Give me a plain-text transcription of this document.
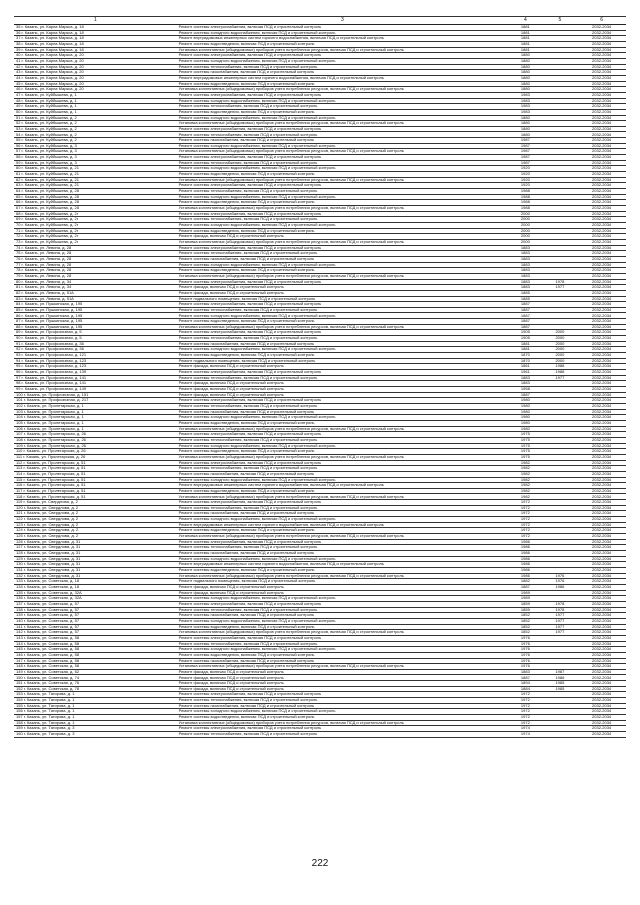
1		3	4	5	6
35 г. Казань, ул. Карла Маркса, д. 18		Ремонт системы электроснабжения, включая ПСД и строительный контроль	1881		2032-2034
36 г. Казань, ул. Карла Маркса, д. 18		Ремонт системы холодного водоснабжения, включая ПСД и строительный контроль	1881		2032-2034
37 г. Казань, ул. Карла Маркса, д. 18		Ремонт внутридомовых инженерных систем горячего водоснабжения, включая ПСД и строительный контроль	1881		2032-2034
38 г. Казань, ул. Карла Маркса, д. 18		Ремонт системы водоотведения, включая ПСД и строительный контроль	1881		2032-2034
39 г. Казань, ул. Карла Маркса, д. 18		Установка коллективных (общедомовых) приборов учета потребления ресурсов, включая ПСД и строительный контроль	1881		2032-2034
40 г. Казань, ул. Карла Маркса, д. 20		Ремонт системы электроснабжения, включая ПСД и строительный контроль	1880		2032-2034
41 г. Казань, ул. Карла Маркса, д. 20		Ремонт системы холодного водоснабжения, включая ПСД и строительный контроль	1880		2032-2034
42 г. Казань, ул. Карла Маркса, д. 20		Ремонт системы теплоснабжения, включая ПСД и строительный контроль	1880		2032-2034
43 г. Казань, ул. Карла Маркса, д. 20		Ремонт системы газоснабжения, включая ПСД и строительный контроль	1880		2032-2034
44 г. Казань, ул. Карла Маркса, д. 20		Ремонт внутридомовых инженерных систем горячего водоснабжения, включая ПСД и строительный контроль	1880		2032-2034
45 г. Казань, ул. Карла Маркса, д. 20		Ремонт системы водоотведения, включая ПСД и строительный контроль	1880		2032-2034
46 г. Казань, ул. Карла Маркса, д. 20		Установка коллективных (общедомовых) приборов учета потребления ресурсов, включая ПСД и строительный контроль	1880		2032-2034
47 г. Казань, ул. Куйбышева, д. 1		Ремонт системы электроснабжения, включая ПСД и строительный контроль	1983		2032-2034
48 г. Казань, ул. Куйбышева, д. 1		Ремонт системы холодного водоснабжения, включая ПСД и строительный контроль	1983		2032-2034
49 г. Казань, ул. Куйбышева, д. 1		Ремонт системы теплоснабжения, включая ПСД и строительный контроль	1983		2032-2034
50 г. Казань, ул. Куйбышева, д. 1		Ремонт системы водоотведения, включая ПСД и строительный контроль	1983		2032-2034
51 г. Казань, ул. Куйбышева, д. 2		Ремонт системы холодного водоснабжения, включая ПСД и строительный контроль	1880		2032-2034
52 г. Казань, ул. Куйбышева, д. 2		Установка коллективных (общедомовых) приборов учета потребления ресурсов, включая ПСД и строительный контроль	1880		2032-2034
53 г. Казань, ул. Куйбышева, д. 2		Ремонт системы электроснабжения, включая ПСД и строительный контроль	1880		2032-2034
54 г. Казань, ул. Куйбышева, д. 2		Ремонт системы теплоснабжения, включая ПСД и строительный контроль	1880		2032-2034
55 г. Казань, ул. Куйбышева, д. 2		Ремонт системы газоснабжения, включая ПСД и строительный контроль	1987		2032-2034
56 г. Казань, ул. Куйбышева, д. 3		Ремонт системы холодного водоснабжения, включая ПСД и строительный контроль	1987		2032-2034
57 г. Казань, ул. Куйбышева, д. 3		Установка коллективных (общедомовых) приборов учета потребления ресурсов, включая ПСД и строительный контроль	1987		2032-2034
58 г. Казань, ул. Куйбышева, д. 3		Ремонт системы электроснабжения, включая ПСД и строительный контроль	1987		2032-2034
59 г. Казань, ул. Куйбышева, д. 3		Ремонт системы теплоснабжения, включая ПСД и строительный контроль	1987		2032-2034
60 г. Казань, ул. Куйбышева, д. 21		Ремонт системы холодного водоснабжения, включая ПСД и строительный контроль	1920		2032-2034
61 г. Казань, ул. Куйбышева, д. 21		Ремонт системы водоотведения, включая ПСД и строительный контроль	1920		2032-2034
62 г. Казань, ул. Куйбышева, д. 21		Установка коллективных (общедомовых) приборов учета потребления ресурсов, включая ПСД и строительный контроль	1920		2032-2034
63 г. Казань, ул. Куйбышева, д. 21		Ремонт системы электроснабжения, включая ПСД и строительный контроль	1920		2032-2034
64 г. Казань, ул. Куйбышева, д. 28		Ремонт системы теплоснабжения, включая ПСД и строительный контроль	1988		2032-2034
65 г. Казань, ул. Куйбышева, д. 28		Ремонт системы холодного водоснабжения, включая ПСД и строительный контроль	1988		2032-2034
66 г. Казань, ул. Куйбышева, д. 28		Ремонт системы водоотведения, включая ПСД и строительный контроль	1988		2032-2034
67 г. Казань, ул. Куйбышева, д. 28		Установка коллективных (общедомовых) приборов учета потребления ресурсов, включая ПСД и строительный контроль	1988		2032-2034
68 г. Казань, ул. Куйбышева, д. 2г		Ремонт системы электроснабжения, включая ПСД и строительный контроль	2000		2032-2034
69 г. Казань, ул. Куйбышева, д. 2г		Ремонт системы теплоснабжения, включая ПСД и строительный контроль	2000		2032-2034
70 г. Казань, ул. Куйбышева, д. 2г		Ремонт системы холодного водоснабжения, включая ПСД и строительный контроль	2000		2032-2034
71 г. Казань, ул. Куйбышева, д. 2г		Ремонт системы водоотведения, включая ПСД и строительный контроль	2000		2032-2034
72 г. Казань, ул. Куйбышева, д. 2г		Ремонт фасада, включая ПСД и строительный контроль	2000		2032-2034
73 г. Казань, ул. Куйбышева, д. 2г		Установка коллективных (общедомовых) приборов учета потребления ресурсов, включая ПСД и строительный контроль	2000		2032-2034
74 г. Казань, ул. Левина, д. 28		Ремонт системы электроснабжения, включая ПСД и строительный контроль	1883		2032-2034
75 г. Казань, ул. Левина, д. 28		Ремонт системы теплоснабжения, включая ПСД и строительный контроль	1883		2032-2034
76 г. Казань, ул. Левина, д. 28		Ремонт системы газоснабжения, включая ПСД и строительный контроль	1883		2032-2034
77 г. Казань, ул. Левина, д. 28		Ремонт системы холодного водоснабжения, включая ПСД и строительный контроль	1883		2032-2034
78 г. Казань, ул. Левина, д. 28		Ремонт системы водоотведения, включая ПСД и строительный контроль	1883		2032-2034
79 г. Казань, ул. Левина, д. 28		Установка коллективных (общедомовых) приборов учета потребления ресурсов, включая ПСД и строительный контроль	1883		2032-2034
80 г. Казань, ул. Левина, д. 34		Ремонт системы электроснабжения, включая ПСД и строительный контроль	1883	1978	2032-2034
81 г. Казань, ул. Левина, д. 34		Ремонт фасада, включая ПСД и строительный контроль	1883	1977	2032-2034
82 г. Казань, ул. Левина, д. 51А		Ремонт фасада, включая ПСД и строительный контроль	1885		2032-2034
83 г. Казань, ул. Левина, д. 51А		Ремонт подвального помещения, включая ПСД и строительный контроль	1885		2032-2034
84 г. Казань, ул. Пушкинская, д. 195		Ремонт системы электроснабжения, включая ПСД и строительный контроль	1887		2032-2034
85 г. Казань, ул. Пушкинская, д. 195		Ремонт системы теплоснабжения, включая ПСД и строительный контроль	1887		2032-2034
86 г. Казань, ул. Пушкинская, д. 195		Ремонт системы холодного водоснабжения, включая ПСД и строительный контроль	1887		2032-2034
87 г. Казань, ул. Пушкинская, д. 195		Ремонт системы водоотведения, включая ПСД и строительный контроль	1887		2032-2034
88 г. Казань, ул. Пушкинская, д. 195		Установка коллективных (общедомовых) приборов учета потребления ресурсов, включая ПСД и строительный контроль	1887		2032-2034
89 г. Казань, ул. Профсоюзная, д. 5		Ремонт системы электроснабжения, включая ПСД и строительный контроль	1905	2000	2032-2034
90 г. Казань, ул. Профсоюзная, д. 5		Ремонт системы теплоснабжения, включая ПСД и строительный контроль	1905	2000	2032-2034
91 г. Казань, ул. Профсоюзная, д. 36		Ремонт системы газоснабжения, включая ПСД и строительный контроль	1881	2000	2032-2034
92 г. Казань, ул. Профсоюзная, д. 36		Ремонт системы холодного водоснабжения, включая ПСД и строительный контроль	1881	2000	2032-2034
93 г. Казань, ул. Профсоюзная, д. 121		Ремонт системы водоотведения, включая ПСД и строительный контроль	1870	2000	2032-2034
94 г. Казань, ул. Профсоюзная, д. 123		Ремонт подвального помещения, включая ПСД и строительный контроль	1870	2000	2032-2034
95 г. Казань, ул. Профсоюзная, д. 123		Ремонт фасада, включая ПСД и строительный контроль	1861	1988	2032-2034
96 г. Казань, ул. Профсоюзная, д. 139		Ремонт системы электроснабжения, включая ПСД и строительный контроль	1961	1988	2032-2034
97 г. Казань, ул. Профсоюзная, д. 141		Ремонт системы теплоснабжения, включая ПСД и строительный контроль	1883	1977	2032-2034
98 г. Казань, ул. Профсоюзная, д. 141		Ремонт фасада, включая ПСД и строительный контроль	1883		2032-2034
99 г. Казань, ул. Профсоюзная, д. 149		Ремонт фасада, включая ПСД и строительный контроль	1958		2032-2034
100 г. Казань, ул. Профсоюзная, д. 151		Ремонт фасада, включая ПСД и строительный контроль	1887		2032-2034
101 г. Казань, ул. Профсоюзная, д. 217		Ремонт системы электроснабжения, включая ПСД и строительный контроль	1980		2032-2034
102 г. Казань, ул. Пролетарская, д. 1		Ремонт системы теплоснабжения, включая ПСД и строительный контроль	1980		2032-2034
103 г. Казань, ул. Пролетарская, д. 1		Ремонт системы газоснабжения, включая ПСД и строительный контроль	1980		2032-2034
104 г. Казань, ул. Пролетарская, д. 1		Ремонт системы холодного водоснабжения, включая ПСД и строительный контроль	1980		2032-2034
105 г. Казань, ул. Пролетарская, д. 1		Ремонт системы водоотведения, включая ПСД и строительный контроль	1980		2032-2034
106 г. Казань, ул. Пролетарская, д. 1		Установка коллективных (общедомовых) приборов учета потребления ресурсов, включая ПСД и строительный контроль	1980		2032-2034
107 г. Казань, ул. Пролетарская, д. 26		Ремонт системы электроснабжения, включая ПСД и строительный контроль	1975		2032-2034
108 г. Казань, ул. Пролетарская, д. 26		Ремонт системы теплоснабжения, включая ПСД и строительный контроль	1975		2032-2034
109 г. Казань, ул. Пролетарская, д. 26		Ремонт системы холодного водоснабжения, включая ПСД и строительный контроль	1975		2032-2034
110 г. Казань, ул. Пролетарская, д. 26		Ремонт системы водоотведения, включая ПСД и строительный контроль	1975		2032-2034
111 г. Казань, ул. Пролетарская, д. 26		Установка коллективных (общедомовых) приборов учета потребления ресурсов, включая ПСД и строительный контроль	1975		2032-2034
112 г. Казань, ул. Пролетарская, д. 51		Ремонт системы электроснабжения, включая ПСД и строительный контроль	1982		2032-2034
113 г. Казань, ул. Пролетарская, д. 51		Ремонт системы теплоснабжения, включая ПСД и строительный контроль	1982		2032-2034
114 г. Казань, ул. Пролетарская, д. 51		Ремонт системы газоснабжения, включая ПСД и строительный контроль	1982		2032-2034
115 г. Казань, ул. Пролетарская, д. 51		Ремонт системы холодного водоснабжения, включая ПСД и строительный контроль	1982		2032-2034
116 г. Казань, ул. Пролетарская, д. 51		Ремонт внутридомовых инженерных систем горячего водоснабжения, включая ПСД и строительный контроль	1982		2032-2034
117 г. Казань, ул. Пролетарская, д. 51		Ремонт системы водоотведения, включая ПСД и строительный контроль	1982		2032-2034
118 г. Казань, ул. Пролетарская, д. 51		Установка коллективных (общедомовых) приборов учета потребления ресурсов, включая ПСД и строительный контроль	1982		2032-2034
119 г. Казань, ул. Свердлова, д. 2		Ремонт системы электроснабжения, включая ПСД и строительный контроль	1972		2032-2034
120 г. Казань, ул. Свердлова, д. 2		Ремонт системы теплоснабжения, включая ПСД и строительный контроль	1972		2032-2034
121 г. Казань, ул. Свердлова, д. 2		Ремонт системы газоснабжения, включая ПСД и строительный контроль	1972		2032-2034
122 г. Казань, ул. Свердлова, д. 2		Ремонт системы холодного водоснабжения, включая ПСД и строительный контроль	1972		2032-2034
123 г. Казань, ул. Свердлова, д. 2		Ремонт внутридомовых инженерных систем горячего водоснабжения, включая ПСД и строительный контроль	1972		2032-2034
124 г. Казань, ул. Свердлова, д. 2		Ремонт системы водоотведения, включая ПСД и строительный контроль	1972		2032-2034
125 г. Казань, ул. Свердлова, д. 2		Установка коллективных (общедомовых) приборов учета потребления ресурсов, включая ПСД и строительный контроль	1972		2032-2034
126 г. Казань, ул. Свердлова, д. 31		Ремонт системы электроснабжения, включая ПСД и строительный контроль	1986		2032-2034
127 г. Казань, ул. Свердлова, д. 31		Ремонт системы теплоснабжения, включая ПСД и строительный контроль	1986		2032-2034
128 г. Казань, ул. Свердлова, д. 31		Ремонт системы газоснабжения, включая ПСД и строительный контроль	1986		2032-2034
129 г. Казань, ул. Свердлова, д. 31		Ремонт системы холодного водоснабжения, включая ПСД и строительный контроль	1986		2032-2034
130 г. Казань, ул. Свердлова, д. 31		Ремонт внутридомовых инженерных систем горячего водоснабжения, включая ПСД и строительный контроль	1986		2032-2034
131 г. Казань, ул. Свердлова, д. 31		Ремонт системы водоотведения, включая ПСД и строительный контроль	1986		2032-2034
132 г. Казань, ул. Свердлова, д. 31		Установка коллективных (общедомовых) приборов учета потребления ресурсов, включая ПСД и строительный контроль	1986	1976	2032-2034
133 г. Казань, ул. Советская, д. 18		Ремонт подвального помещения, включая ПСД и строительный контроль	1882	1976	2032-2034
134 г. Казань, ул. Советская, д. 18		Ремонт фасада, включая ПСД и строительный контроль	1887	1986	2032-2034
135 г. Казань, ул. Советская, д. 32А		Ремонт фасада, включая ПСД и строительный контроль	1989		2032-2034
136 г. Казань, ул. Советская, д. 32А		Ремонт системы холодного водоснабжения, включая ПСД и строительный контроль	1989		2032-2034
137 г. Казань, ул. Советская, д. 57		Ремонт системы электроснабжения, включая ПСД и строительный контроль	1859	1978	2032-2034
138 г. Казань, ул. Советская, д. 57		Ремонт системы теплоснабжения, включая ПСД и строительный контроль	1859	1978	2032-2034
139 г. Казань, ул. Советская, д. 57		Ремонт системы газоснабжения, включая ПСД и строительный контроль	1852	1977	2032-2034
140 г. Казань, ул. Советская, д. 57		Ремонт системы холодного водоснабжения, включая ПСД и строительный контроль	1852	1977	2032-2034
141 г. Казань, ул. Советская, д. 57		Ремонт системы водоотведения, включая ПСД и строительный контроль	1852	1977	2032-2034
142 г. Казань, ул. Советская, д. 57		Установка коллективных (общедомовых) приборов учета потребления ресурсов, включая ПСД и строительный контроль	1852	1977	2032-2034
143 г. Казань, ул. Советская, д. 58		Ремонт системы электроснабжения, включая ПСД и строительный контроль	1976		2032-2034
144 г. Казань, ул. Советская, д. 58		Ремонт системы теплоснабжения, включая ПСД и строительный контроль	1976		2032-2034
145 г. Казань, ул. Советская, д. 58		Ремонт системы холодного водоснабжения, включая ПСД и строительный контроль	1976		2032-2034
146 г. Казань, ул. Советская, д. 58		Ремонт системы водоотведения, включая ПСД и строительный контроль	1976		2032-2034
147 г. Казань, ул. Советская, д. 58		Ремонт системы газоснабжения, включая ПСД и строительный контроль	1976		2032-2034
148 г. Казань, ул. Советская, д. 58		Установка коллективных (общедомовых) приборов учета потребления ресурсов, включая ПСД и строительный контроль	1976		2032-2034
149 г. Казань, ул. Советская, д. 62		Ремонт фасада, включая ПСД и строительный контроль	1883	1987	2032-2034
150 г. Казань, ул. Советская, д. 74		Ремонт фасада, включая ПСД и строительный контроль	1887	1986	2032-2034
151 г. Казань, ул. Советская, д. 76		Ремонт фасада, включая ПСД и строительный контроль	1894	1985	2032-2034
152 г. Казань, ул. Советская, д. 78		Ремонт фасада, включая ПСД и строительный контроль	1884	1985	2032-2034
153 г. Казань, ул. Тагирова, д. 1		Ремонт системы электроснабжения, включая ПСД и строительный контроль	1972		2032-2034
154 г. Казань, ул. Тагирова, д. 1		Ремонт системы теплоснабжения, включая ПСД и строительный контроль	1972		2032-2034
155 г. Казань, ул. Тагирова, д. 1		Ремонт системы газоснабжения, включая ПСД и строительный контроль	1972		2032-2034
156 г. Казань, ул. Тагирова, д. 1		Ремонт системы холодного водоснабжения, включая ПСД и строительный контроль	1972		2032-2034
157 г. Казань, ул. Тагирова, д. 1		Ремонт системы водоотведения, включая ПСД и строительный контроль	1972		2032-2034
158 г. Казань, ул. Тагирова, д. 1		Установка коллективных (общедомовых) приборов учета потребления ресурсов, включая ПСД и строительный контроль	1972		2032-2034
159 г. Казань, ул. Тагирова, д. 3		Ремонт системы электроснабжения, включая ПСД и строительный контроль	1974		2032-2034
160 г. Казань, ул. Тагирова, д. 3		Ремонт системы теплоснабжения, включая ПСД и строительный контроль	1974		2032-2034
222
